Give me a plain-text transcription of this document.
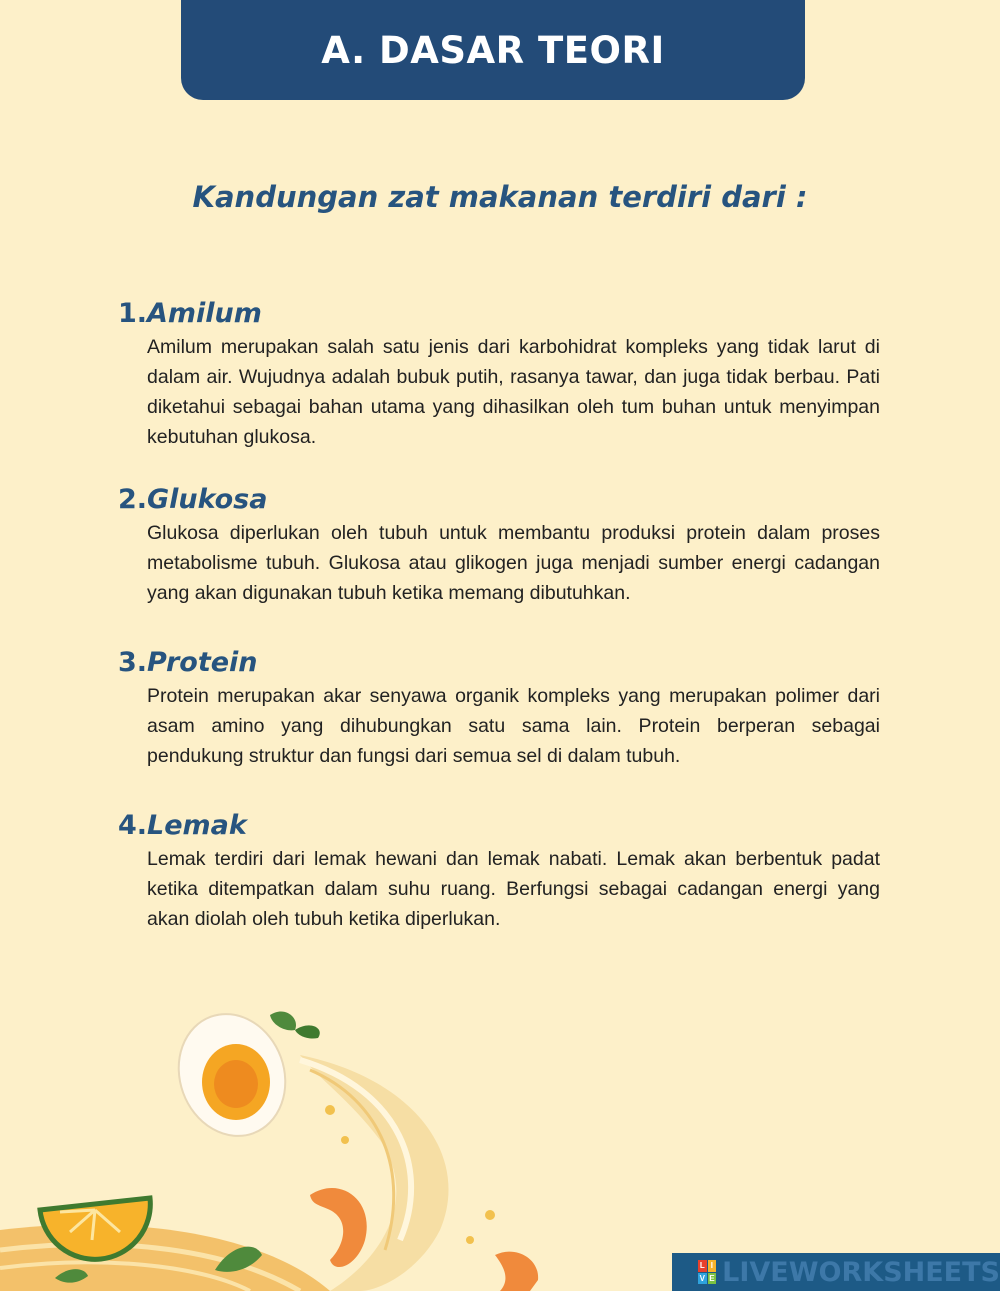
A. DASAR TEORI
Kandungan zat makanan terdiri dari :
1.Amilum

Amilum merupakan salah satu jenis dari karbohidrat kompleks yang tidak larut di dalam air. Wujudnya adalah bubuk putih, rasanya tawar, dan juga tidak berbau. Pati diketahui sebagai bahan utama yang dihasilkan oleh tum buhan untuk menyimpan kebutuhan glukosa.

2.Glukosa

Glukosa diperlukan oleh tubuh untuk membantu produksi protein dalam proses metabolisme tubuh. Glukosa atau glikogen juga menjadi sumber energi cadangan yang akan digunakan tubuh ketika memang dibutuhkan.

3.Protein

Protein merupakan akar senyawa organik kompleks yang merupakan polimer dari asam amino yang dihubungkan satu sama lain. Protein berperan sebagai pendukung struktur dan fungsi dari semua sel di dalam tubuh.

4.Lemak

Lemak terdiri dari lemak hewani dan lemak nabati. Lemak akan berbentuk padat ketika ditempatkan dalam suhu ruang. Berfungsi sebagai cadangan energi yang akan diolah oleh tubuh ketika diperlukan.

L I
V E LIVEWORKSHEETS
